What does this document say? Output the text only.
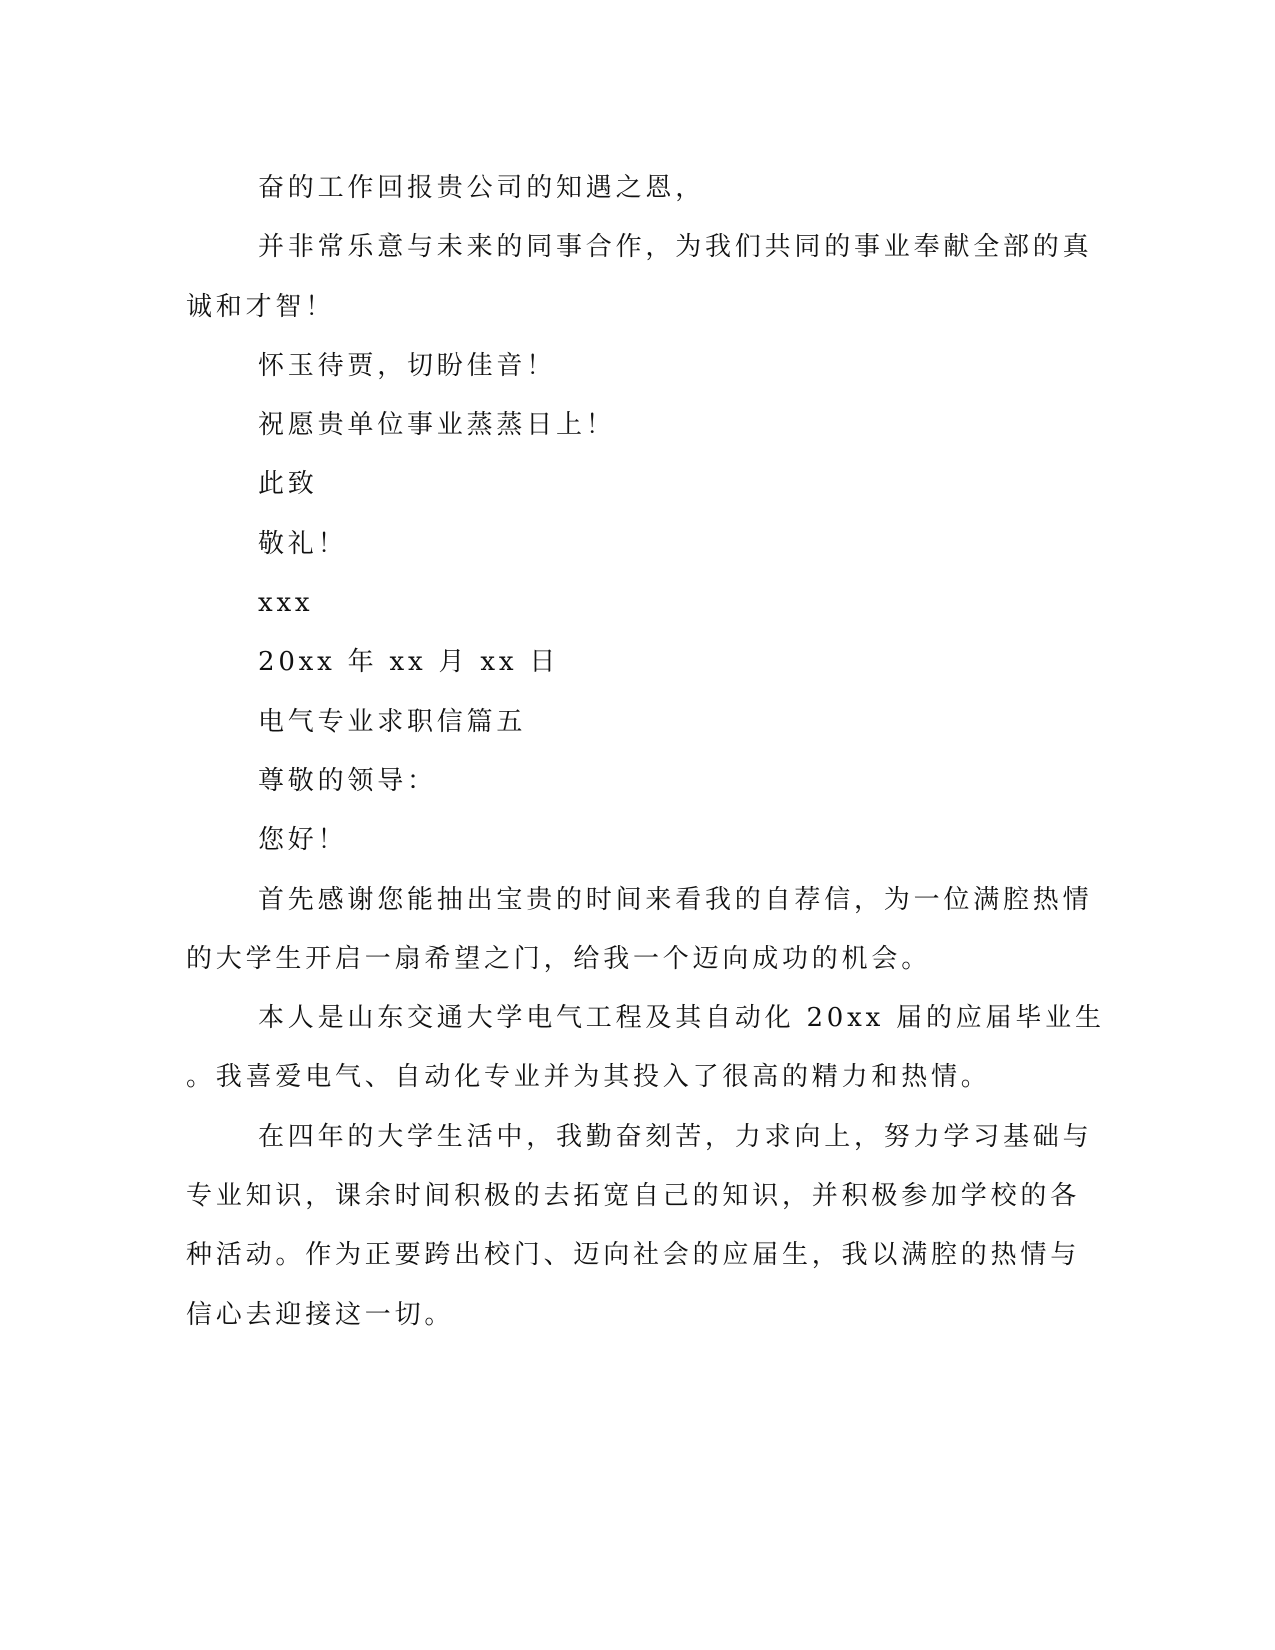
奋的工作回报贵公司的知遇之恩，
并非常乐意与未来的同事合作，为我们共同的事业奉献全部的真
诚和才智！
怀玉待贾，切盼佳音！
祝愿贵单位事业蒸蒸日上！
此致
敬礼！
xxx
20xx 年 xx 月 xx 日
电气专业求职信篇五
尊敬的领导：
您好！
首先感谢您能抽出宝贵的时间来看我的自荐信，为一位满腔热情
的大学生开启一扇希望之门，给我一个迈向成功的机会。
本人是山东交通大学电气工程及其自动化 20xx 届的应届毕业生
。我喜爱电气、自动化专业并为其投入了很高的精力和热情。
在四年的大学生活中，我勤奋刻苦，力求向上，努力学习基础与
专业知识，课余时间积极的去拓宽自己的知识，并积极参加学校的各
种活动。作为正要跨出校门、迈向社会的应届生，我以满腔的热情与
信心去迎接这一切。
